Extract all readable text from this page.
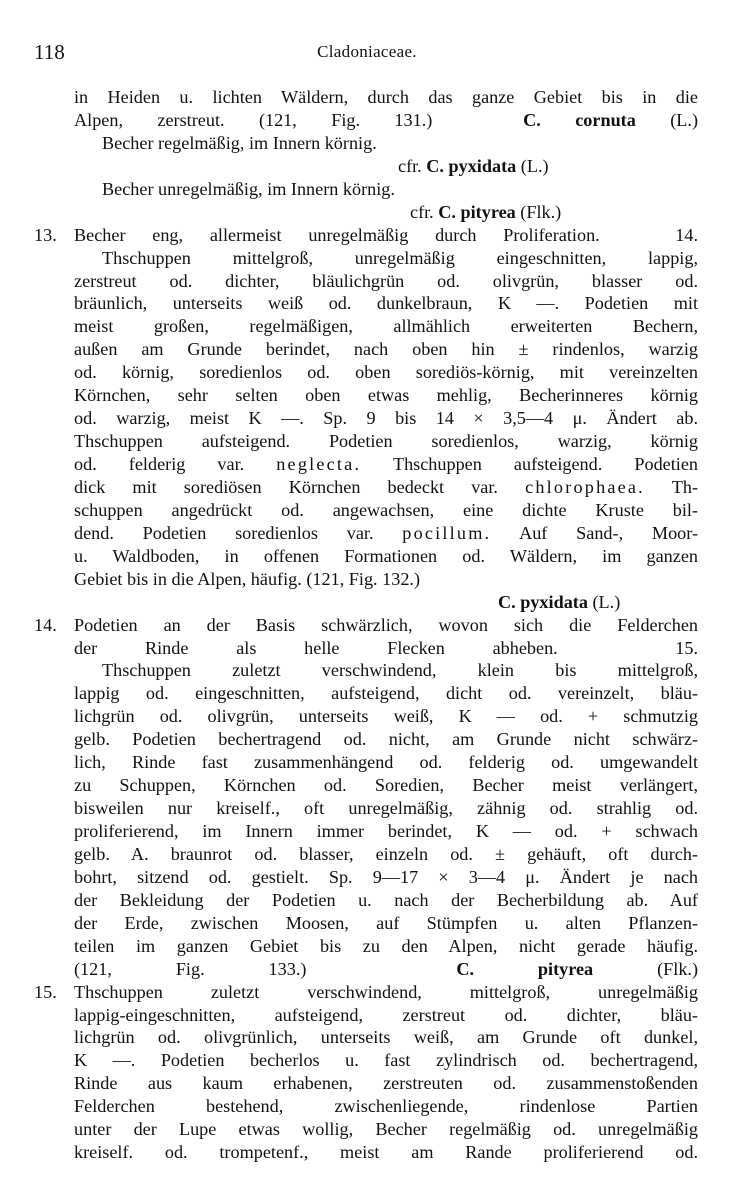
118	Cladoniaceae.
in Heiden u. lichten Wäldern, durch das ganze Gebiet bis in die
Alpen, zerstreut. (121, Fig. 131.)	C. cornuta (L.)
Becher regelmäßig, im Innern körnig.
cfr. C. pyxidata (L.)
Becher unregelmäßig, im Innern körnig.
cfr. C. pityrea (Flk.)
13. Becher eng, allermeist unregelmäßig durch Proliferation.	14.
Thschuppen mittelgroß, unregelmäßig eingeschnitten, lappig,
zerstreut od. dichter, bläulichgrün od. olivgrün, blasser od.
bräunlich, unterseits weiß od. dunkelbraun, K —. Podetien mit
meist großen, regelmäßigen, allmählich erweiterten Bechern,
außen am Grunde berindet, nach oben hin ± rindenlos, warzig
od. körnig, soredienlos od. oben sorediös-körnig, mit vereinzelten
Körnchen, sehr selten oben etwas mehlig, Becherinneres körnig
od. warzig, meist K —. Sp. 9 bis 14 × 3,5—4 μ. Ändert ab.
Thschuppen aufsteigend. Podetien soredienlos, warzig, körnig
od. felderig var. neglecta. Thschuppen aufsteigend. Podetien
dick mit sorediösen Körnchen bedeckt var. chlorophaea. Th-
schuppen angedrückt od. angewachsen, eine dichte Kruste bil-
dend. Podetien soredienlos var. pocillum. Auf Sand-, Moor-
u. Waldboden, in offenen Formationen od. Wäldern, im ganzen
Gebiet bis in die Alpen, häufig. (121, Fig. 132.)
C. pyxidata (L.)
14. Podetien an der Basis schwärzlich, wovon sich die Felderchen
der Rinde als helle Flecken abheben.	15.
Thschuppen zuletzt verschwindend, klein bis mittelgroß,
lappig od. eingeschnitten, aufsteigend, dicht od. vereinzelt, bläu-
lichgrün od. olivgrün, unterseits weiß, K — od. + schmutzig
gelb. Podetien bechertragend od. nicht, am Grunde nicht schwärz-
lich, Rinde fast zusammenhängend od. felderig od. umgewandelt
zu Schuppen, Körnchen od. Soredien, Becher meist verlängert,
bisweilen nur kreiself., oft unregelmäßig, zähnig od. strahlig od.
proliferierend, im Innern immer berindet, K — od. + schwach
gelb. A. braunrot od. blasser, einzeln od. ± gehäuft, oft durch-
bohrt, sitzend od. gestielt. Sp. 9—17 × 3—4 μ. Ändert je nach
der Bekleidung der Podetien u. nach der Becherbildung ab. Auf
der Erde, zwischen Moosen, auf Stümpfen u. alten Pflanzen-
teilen im ganzen Gebiet bis zu den Alpen, nicht gerade häufig.
(121, Fig. 133.)	C. pityrea	(Flk.)
15. Thschuppen zuletzt verschwindend, mittelgroß, unregelmäßig
lappig-eingeschnitten, aufsteigend, zerstreut od. dichter, bläu-
lichgrün od. olivgrünlich, unterseits weiß, am Grunde oft dunkel,
K —. Podetien becherlos u. fast zylindrisch od. bechertragend,
Rinde aus kaum erhabenen, zerstreuten od. zusammenstoßenden
Felderchen bestehend, zwischenliegende, rindenlose Partien
unter der Lupe etwas wollig, Becher regelmäßig od. unregelmäßig
kreiself. od. trompetenf., meist am Rande proliferierend od.
